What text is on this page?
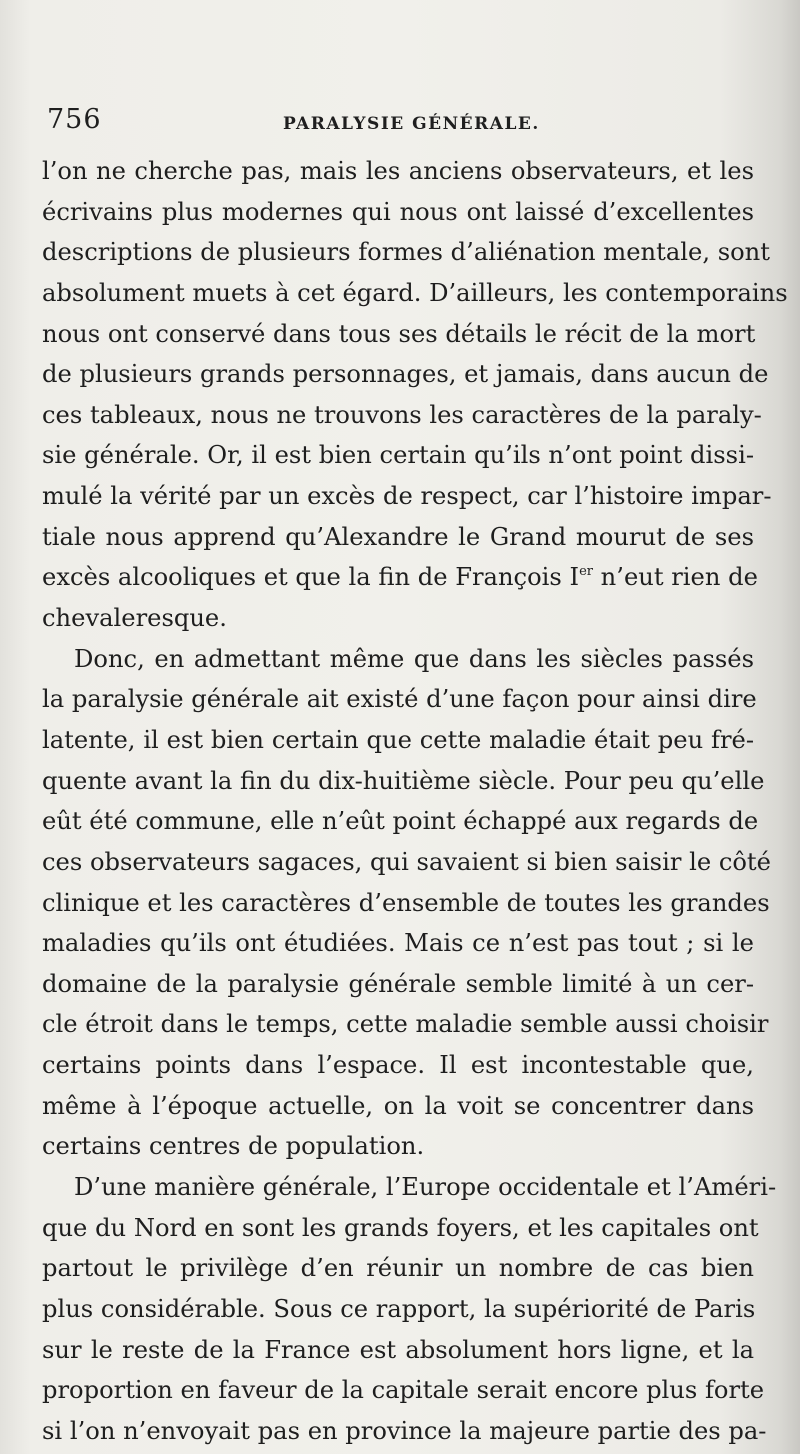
756	PARALYSIE GÉNÉRALE.
l’on ne cherche pas, mais les anciens observateurs, et les
écrivains plus modernes qui nous ont laissé d’excellentes
descriptions de plusieurs formes d’aliénation mentale, sont
absolument muets à cet égard. D’ailleurs, les contemporains
nous ont conservé dans tous ses détails le récit de la mort
de plusieurs grands personnages, et jamais, dans aucun de
ces tableaux, nous ne trouvons les caractères de la paraly-
sie générale. Or, il est bien certain qu’ils n’ont point dissi-
mulé la vérité par un excès de respect, car l’histoire impar-
tiale nous apprend qu’Alexandre le Grand mourut de ses
excès alcooliques et que la fin de François Ier n’eut rien de
chevaleresque.
Donc, en admettant même que dans les siècles passés
la paralysie générale ait existé d’une façon pour ainsi dire
latente, il est bien certain que cette maladie était peu fré-
quente avant la fin du dix-huitième siècle. Pour peu qu’elle
eût été commune, elle n’eût point échappé aux regards de
ces observateurs sagaces, qui savaient si bien saisir le côté
clinique et les caractères d’ensemble de toutes les grandes
maladies qu’ils ont étudiées. Mais ce n’est pas tout ; si le
domaine de la paralysie générale semble limité à un cer-
cle étroit dans le temps, cette maladie semble aussi choisir
certains points dans l’espace. Il est incontestable que,
même à l’époque actuelle, on la voit se concentrer dans
certains centres de population.
D’une manière générale, l’Europe occidentale et l’Améri-
que du Nord en sont les grands foyers, et les capitales ont
partout le privilège d’en réunir un nombre de cas bien
plus considérable. Sous ce rapport, la supériorité de Paris
sur le reste de la France est absolument hors ligne, et la
proportion en faveur de la capitale serait encore plus forte
si l’on n’envoyait pas en province la majeure partie des pa-
